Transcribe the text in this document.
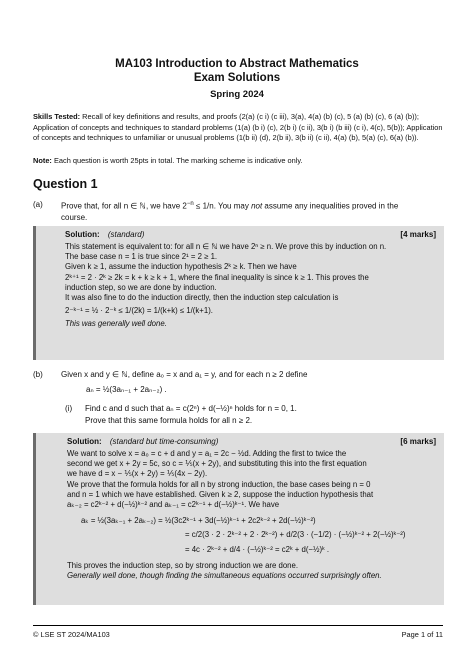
MA103 Introduction to Abstract Mathematics
Exam Solutions
Spring 2024
Skills Tested: Recall of key definitions and results, and proofs (2(a) (c i) (c iii), 3(a), 4(a) (b) (c), 5 (a) (b) (c), 6 (a) (b)); Application of concepts and techniques to standard problems (1(a) (b i) (c), 2(b i) (c ii), 3(b i) (b iii) (c i), 4(c), 5(b)); Application of concepts and techniques to unfamiliar or unusual problems (1(b ii) (d), 2(b ii), 3(b ii) (c ii), 4(a) (b), 5(a) (c), 6(a) (b)).
Note: Each question is worth 25pts in total. The marking scheme is indicative only.
Question 1
(a) Prove that, for all n ∈ ℕ, we have $2^{-n} \le 1/n$. You may not assume any inequalities proved in the
course.
Solution: (standard)	[4 marks]
This statement is equivalent to: for all n ∈ ℕ we have 2ⁿ ≥ n. We prove this by induction on n.
The base case n = 1 is true since 2¹ = 2 ≥ 1.
Given k ≥ 1, assume the induction hypothesis 2ᵏ ≥ k. Then we have
2ᵏ⁺¹ = 2 · 2ᵏ ≥ 2k = k + k ≥ k + 1, where the final inequality is since k ≥ 1. This proves the
induction step, so we are done by induction.
It was also fine to do the induction directly, then the induction step calculation is
2⁻ᵏ⁻¹ = ½ · 2⁻ᵏ ≤ 1/(2k) = 1/(k+k) ≤ 1/(k+1).
This was generally well done.
(b) Given x and y ∈ ℕ, define a₀ = x and a₁ = y, and for each n ≥ 2 define
aₙ = ½(3aₙ₋₁ + 2aₙ₋₂) .
(i) Find c and d such that aₙ = c(2ⁿ) + d(−½)ⁿ holds for n = 0, 1.
Prove that this same formula holds for all n ≥ 2.
Solution: (standard but time-consuming)	[6 marks]
We want to solve x = a₀ = c + d and y = a₁ = 2c − ½d. Adding the first to twice the
second we get x + 2y = 5c, so c = ⅕(x + 2y), and substituting this into the first equation
we have d = x − ⅕(x + 2y) = ⅕(4x − 2y).
We prove that the formula holds for all n by strong induction, the base cases being n = 0
and n = 1 which we have established. Given k ≥ 2, suppose the induction hypothesis that
aₖ₋₂ = c2ᵏ⁻² + d(−½)ᵏ⁻² and aₖ₋₁ = c2ᵏ⁻¹ + d(−½)ᵏ⁻¹. We have
aₖ = ½(3aₖ₋₁ + 2aₖ₋₂) = ½(3c2ᵏ⁻¹ + 3d(−½)ᵏ⁻¹ + 2c2ᵏ⁻² + 2d(−½)ᵏ⁻²)
= c/2(3 · 2 · 2ᵏ⁻² + 2 · 2ᵏ⁻²) + d/2(3 · (−1/2) · (−½)ᵏ⁻² + 2(−½)ᵏ⁻²)
= 4c · 2ᵏ⁻² + d/4 · (−½)ᵏ⁻² = c2ᵏ + d(−½)ᵏ .
This proves the induction step, so by strong induction we are done.
Generally well done, though finding the simultaneous equations occurred surprisingly often.
© LSE ST 2024/MA103	Page 1 of 11
